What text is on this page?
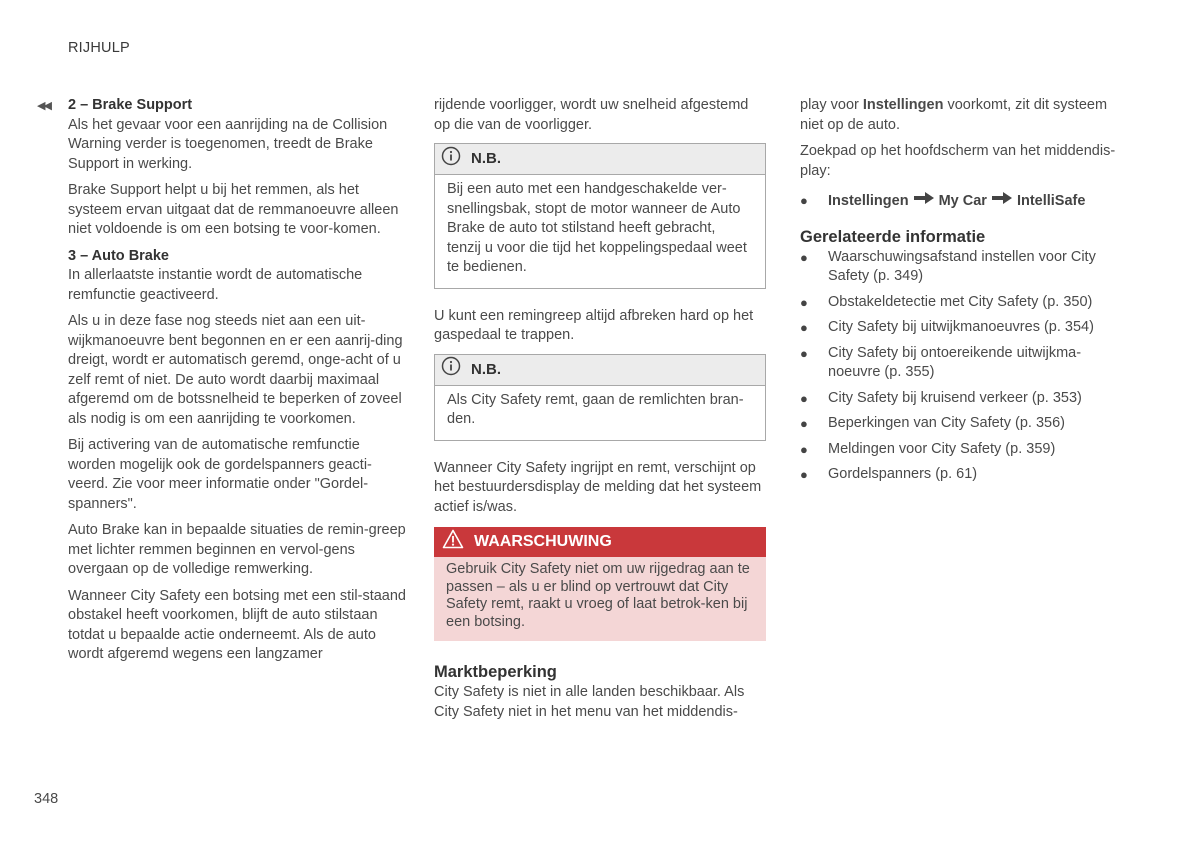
RIJHULP
◀◀ 2 – Brake Support

Als het gevaar voor een aanrijding na de Collision Warning verder is toegenomen, treedt de Brake Support in werking.

Brake Support helpt u bij het remmen, als het systeem ervan uitgaat dat de remmanoeuvre alleen niet voldoende is om een botsing te voor-komen.

3 – Auto Brake

In allerlaatste instantie wordt de automatische remfunctie geactiveerd.

Als u in deze fase nog steeds niet aan een uit-wijkmanoeuvre bent begonnen en er een aanrij-ding dreigt, wordt er automatisch geremd, onge-acht of u zelf remt of niet. De auto wordt daarbij maximaal afgeremd om de botssnelheid te beperken of zoveel als nodig is om een aanrijding te voorkomen.

Bij activering van de automatische remfunctie worden mogelijk ook de gordelspanners geacti-veerd. Zie voor meer informatie onder "Gordel-spanners".

Auto Brake kan in bepaalde situaties de remin-greep met lichter remmen beginnen en vervol-gens overgaan op de volledige remwerking.

Wanneer City Safety een botsing met een stil-staand obstakel heeft voorkomen, blijft de auto stilstaan totdat u bepaalde actie onderneemt. Als de auto wordt afgeremd wegens een langzamer

rijdende voorligger, wordt uw snelheid afgestemd op die van de voorligger.

N.B.
Bij een auto met een handgeschakelde ver-snellingsbak, stopt de motor wanneer de Auto Brake de auto tot stilstand heeft gebracht, tenzij u voor die tijd het koppelingspedaal weet te bedienen.

U kunt een remingreep altijd afbreken hard op het gaspedaal te trappen.

N.B.
Als City Safety remt, gaan de remlichten bran-den.

Wanneer City Safety ingrijpt en remt, verschijnt op het bestuurdersdisplay de melding dat het systeem actief is/was.

WAARSCHUWING
Gebruik City Safety niet om uw rijgedrag aan te passen – als u er blind op vertrouwt dat City Safety remt, raakt u vroeg of laat betrok-ken bij een botsing.
Marktbeperking

City Safety is niet in alle landen beschikbaar. Als City Safety niet in het menu van het middendis-

play voor Instellingen voorkomt, zit dit systeem niet op de auto.

Zoekpad op het hoofdscherm van het middendis-play:

● Instellingen My Car IntelliSafe
Gerelateerde informatie
● Waarschuwingsafstand instellen voor City Safety (p. 349)
● Obstakeldetectie met City Safety (p. 350)
● City Safety bij uitwijkmanoeuvres (p. 354)
● City Safety bij ontoereikende uitwijkma-noeuvre (p. 355)
● City Safety bij kruisend verkeer (p. 353)
● Beperkingen van City Safety (p. 356)
● Meldingen voor City Safety (p. 359)
● Gordelspanners (p. 61)
348
